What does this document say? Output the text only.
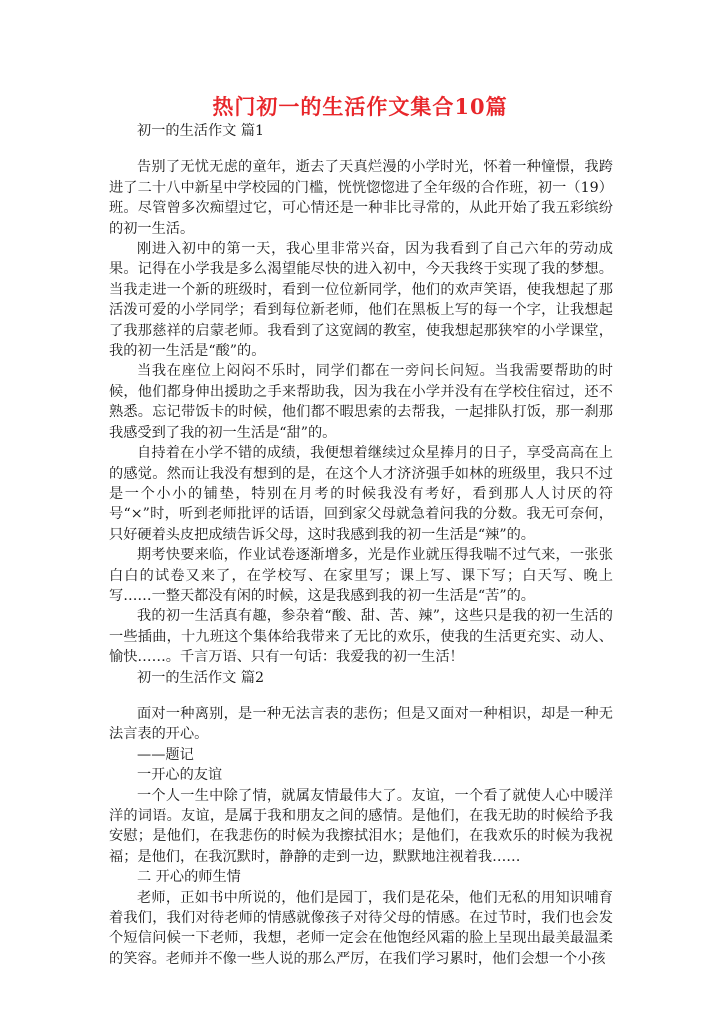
热门初一的生活作文集合10篇

初一的生活作文 篇1

告别了无忧无虑的童年，逝去了天真烂漫的小学时光，怀着一种憧憬，我跨进了二十八中新星中学校园的门槛，恍恍惚惚进了全年级的合作班，初一（19）班。尽管曾多次痴望过它，可心情还是一种非比寻常的，从此开始了我五彩缤纷的初一生活。

刚进入初中的第一天，我心里非常兴奋，因为我看到了自己六年的劳动成果。记得在小学我是多么渴望能尽快的进入初中，今天我终于实现了我的梦想。当我走进一个新的班级时，看到一位位新同学，他们的欢声笑语，使我想起了那活泼可爱的小学同学；看到每位新老师，他们在黑板上写的每一个字，让我想起了我那慈祥的启蒙老师。我看到了这宽阔的教室，使我想起那狭窄的小学课堂，我的初一生活是“酸”的。

当我在座位上闷闷不乐时，同学们都在一旁问长问短。当我需要帮助的时候，他们都身伸出援助之手来帮助我，因为我在小学并没有在学校住宿过，还不熟悉。忘记带饭卡的时候，他们都不暇思索的去帮我，一起排队打饭，那一刹那我感受到了我的初一生活是“甜”的。

自持着在小学不错的成绩，我便想着继续过众星捧月的日子，享受高高在上的感觉。然而让我没有想到的是，在这个人才济济强手如林的班级里，我只不过是一个小小的铺垫，特别在月考的时候我没有考好，看到那人人讨厌的符号“×”时，听到老师批评的话语，回到家父母就急着问我的分数。我无可奈何，只好硬着头皮把成绩告诉父母，这时我感到我的初一生活是“辣”的。

期考快要来临，作业试卷逐渐增多，光是作业就压得我喘不过气来，一张张白白的试卷又来了，在学校写、在家里写；课上写、课下写；白天写、晚上写……一整天都没有闲的时候，这是我感到我的初一生活是“苦”的。

我的初一生活真有趣，参杂着“酸、甜、苦、辣”，这些只是我的初一生活的一些插曲，十九班这个集体给我带来了无比的欢乐，使我的生活更充实、动人、愉快……。千言万语、只有一句话：我爱我的初一生活！

初一的生活作文 篇2

面对一种离别，是一种无法言表的悲伤；但是又面对一种相识，却是一种无法言表的开心。

——题记

一开心的友谊

一个人一生中除了情，就属友情最伟大了。友谊，一个看了就使人心中暖洋洋的词语。友谊，是属于我和朋友之间的感情。是他们，在我无助的时候给予我安慰；是他们，在我悲伤的时候为我擦拭泪水；是他们，在我欢乐的时候为我祝福；是他们，在我沉默时，静静的走到一边，默默地注视着我……

二 开心的师生情

老师，正如书中所说的，他们是园丁，我们是花朵，他们无私的用知识哺育着我们，我们对待老师的情感就像孩子对待父母的情感。在过节时，我们也会发个短信问候一下老师，我想，老师一定会在他饱经风霜的脸上呈现出最美最温柔的笑容。老师并不像一些人说的那么严厉，在我们学习累时，他们会想一个小孩
